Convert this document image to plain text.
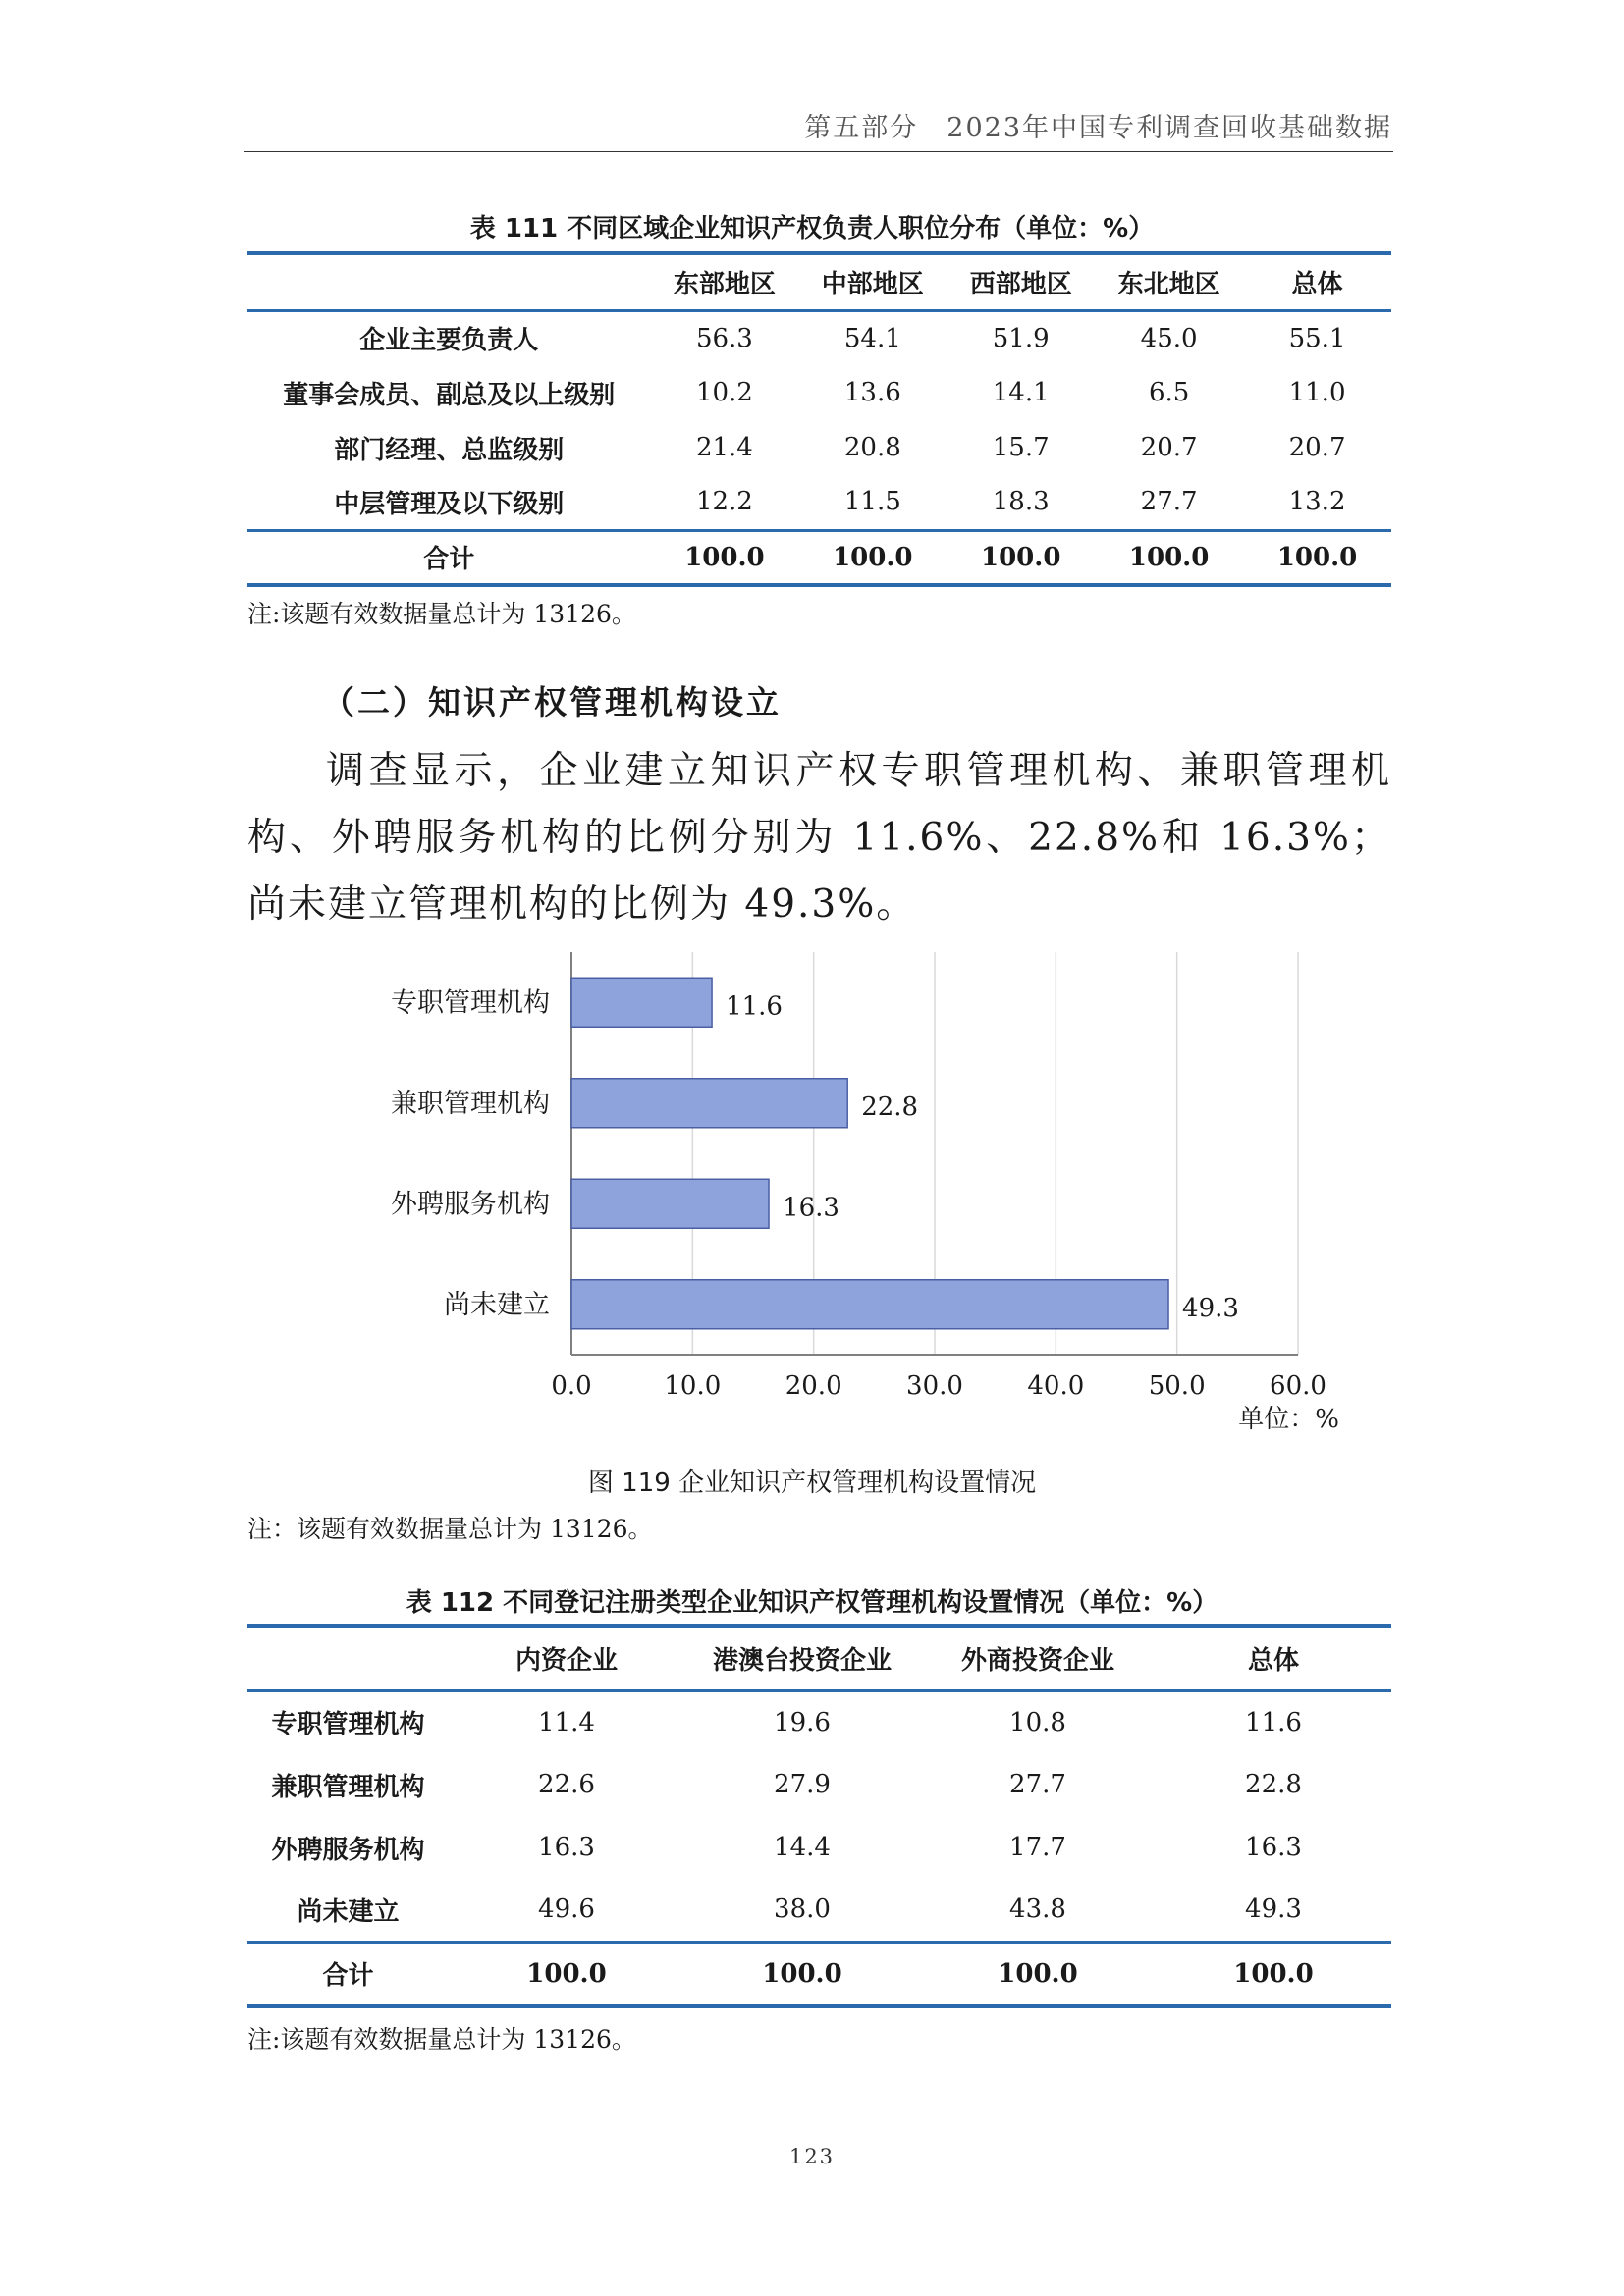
第五部分　2023年中国专利调查回收基础数据
表 111 不同区域企业知识产权负责人职位分布（单位：%）
	东部地区	中部地区	西部地区	东北地区	总体
企业主要负责人	56.3	54.1	51.9	45.0	55.1
董事会成员、副总及以上级别	10.2	13.6	14.1	6.5	11.0
部门经理、总监级别	21.4	20.8	15.7	20.7	20.7
中层管理及以下级别	12.2	11.5	18.3	27.7	13.2
合计	100.0	100.0	100.0	100.0	100.0
注:该题有效数据量总计为 13126。
（二）知识产权管理机构设立
调查显示，企业建立知识产权专职管理机构、兼职管理机构、外聘服务机构的比例分别为 11.6%、22.8%和 16.3%；尚未建立管理机构的比例为 49.3%。
0.0	10.0	20.0	30.0	40.0	50.0	60.0
单位：%
专职管理机构	11.6
兼职管理机构	22.8
外聘服务机构	16.3
尚未建立	49.3
图 119 企业知识产权管理机构设置情况
注：该题有效数据量总计为 13126。
表 112 不同登记注册类型企业知识产权管理机构设置情况（单位：%）
	内资企业	港澳台投资企业	外商投资企业	总体
专职管理机构	11.4	19.6	10.8	11.6
兼职管理机构	22.6	27.9	27.7	22.8
外聘服务机构	16.3	14.4	17.7	16.3
尚未建立	49.6	38.0	43.8	49.3
合计	100.0	100.0	100.0	100.0
注:该题有效数据量总计为 13126。
123
